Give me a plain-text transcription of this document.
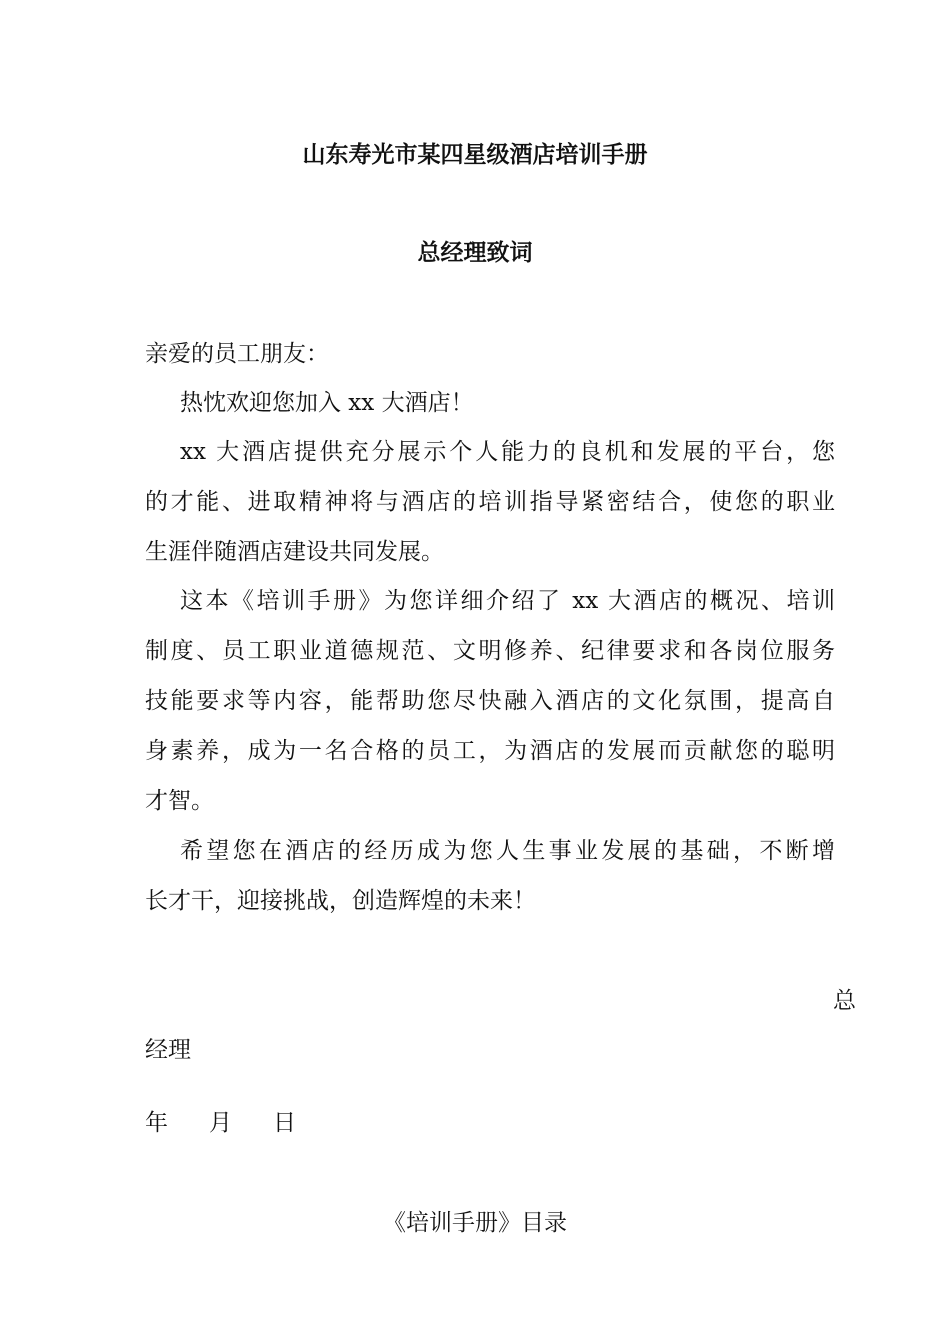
山东寿光市某四星级酒店培训手册
总经理致词
亲爱的员工朋友：
热忱欢迎您加入 xx 大酒店！
xx 大酒店提供充分展示个人能力的良机和发展的平台，您
的才能、进取精神将与酒店的培训指导紧密结合，使您的职业
生涯伴随酒店建设共同发展。
这本《培训手册》为您详细介绍了 xx 大酒店的概况、培训
制度、员工职业道德规范、文明修养、纪律要求和各岗位服务
技能要求等内容，能帮助您尽快融入酒店的文化氛围，提高自
身素养，成为一名合格的员工，为酒店的发展而贡献您的聪明
才智。
希望您在酒店的经历成为您人生事业发展的基础，不断增
长才干，迎接挑战，创造辉煌的未来！
总
经理
年 月 日
《培训手册》目录
